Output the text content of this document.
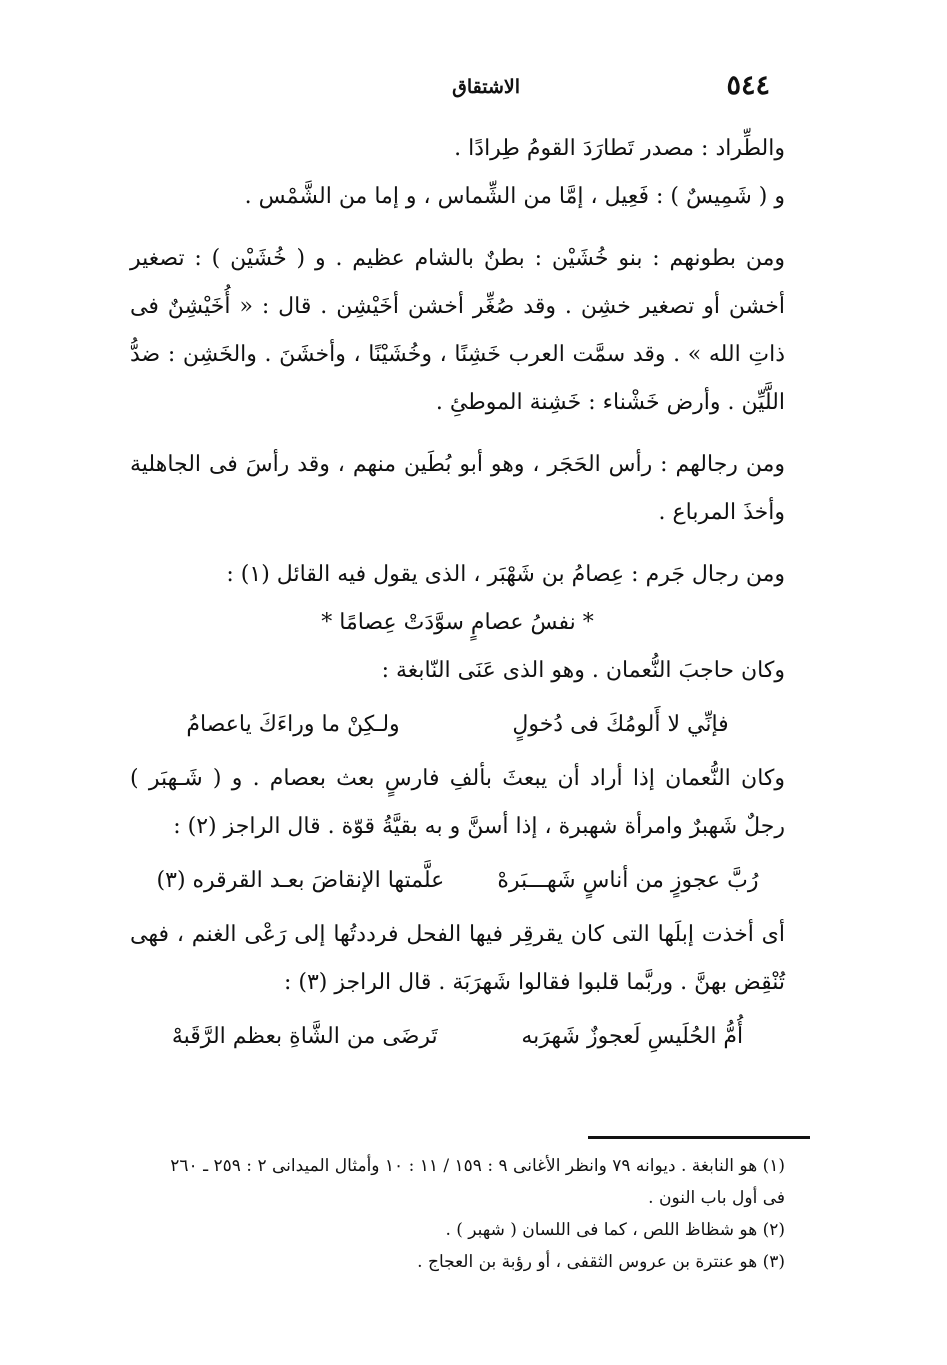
٥٤٤
الاشتقاق

والطِّراد : مصدر تَطارَدَ القومُ طِرادًا .

و ( شَمِيسٌ ) : فَعِيل ، إمَّا من الشِّماس ، و إما من الشَّمْس .

ومن بطونهم : بنو خُشَيْن : بطنٌ بالشام عظيم . و ( خُشَيْن ) : تصغير أخشن أو تصغير خشِن . وقد صُغِّر أخشن أخَيْشِن . قال : « أُخَيْشِنٌ فى ذاتِ الله » . وقد سمَّت العرب خَشِنًا ، وخُشَيْنًا ، وأخشَنَ . والخَشِن : ضدُّ اللَّيِّن . وأرض خَشْناء : خَشِنة الموطئِ .

ومن رجالهم : رأس الحَجَر ، وهو أبو بُطَين منهم ، وقد رأسَ فى الجاهلية وأخذَ المرباع .

ومن رجال جَرم : عِصامُ بن شَهْبَر ، الذى يقول فيه القائل (١) :

* نفسُ عصامٍ سوَّدَتْ عِصامًا *

وكان حاجبَ النُّعمان . وهو الذى عَنَى النّابغة :

فإنِّي لا أَلومُكَ فى دُخولٍ
ولـكِنْ ما وراءَكَ ياعصامُ

وكان النُّعمان إذا أراد أن يبعثَ بألفِ فارسٍ بعث بعصام . و ( شَـهبَر ) رجلٌ شَهبرٌ وامرأة شهبرة ، إذا أسنَّ و به بقيَّةُ قوّة . قال الراجز (٢) :

رُبَّ عجوزٍ من أناسٍ شَهـــبَرهْ
علَّمتها الإنقاضَ بعـد القرقره (٣)

أى أخذت إبلَها التى كان يقرقِر فيها الفحل فرددتُها إلى رَعْى الغنم ، فهى تُنْقِض بهنَّ . وربَّما قلبوا فقالوا شَهرَبَة . قال الراجز (٣) :

أُمُّ الحُلَيسِ لَعجوزٌ شَهرَبه
تَرضَى من الشَّاةِ بعظم الرَّقَبهْ

(١) هو النابغة . ديوانه ٧٩ وانظر الأغانى ٩ : ١٥٩ / ١١ : ١٠ وأمثال الميدانى ٢ : ٢٥٩ ـ ٢٦٠ فى أول باب النون .

(٢) هو شظاظ اللص ، كما فى اللسان ( شهبر ) .

(٣) هو عنترة بن عروس الثقفى ، أو رؤبة بن العجاج .
